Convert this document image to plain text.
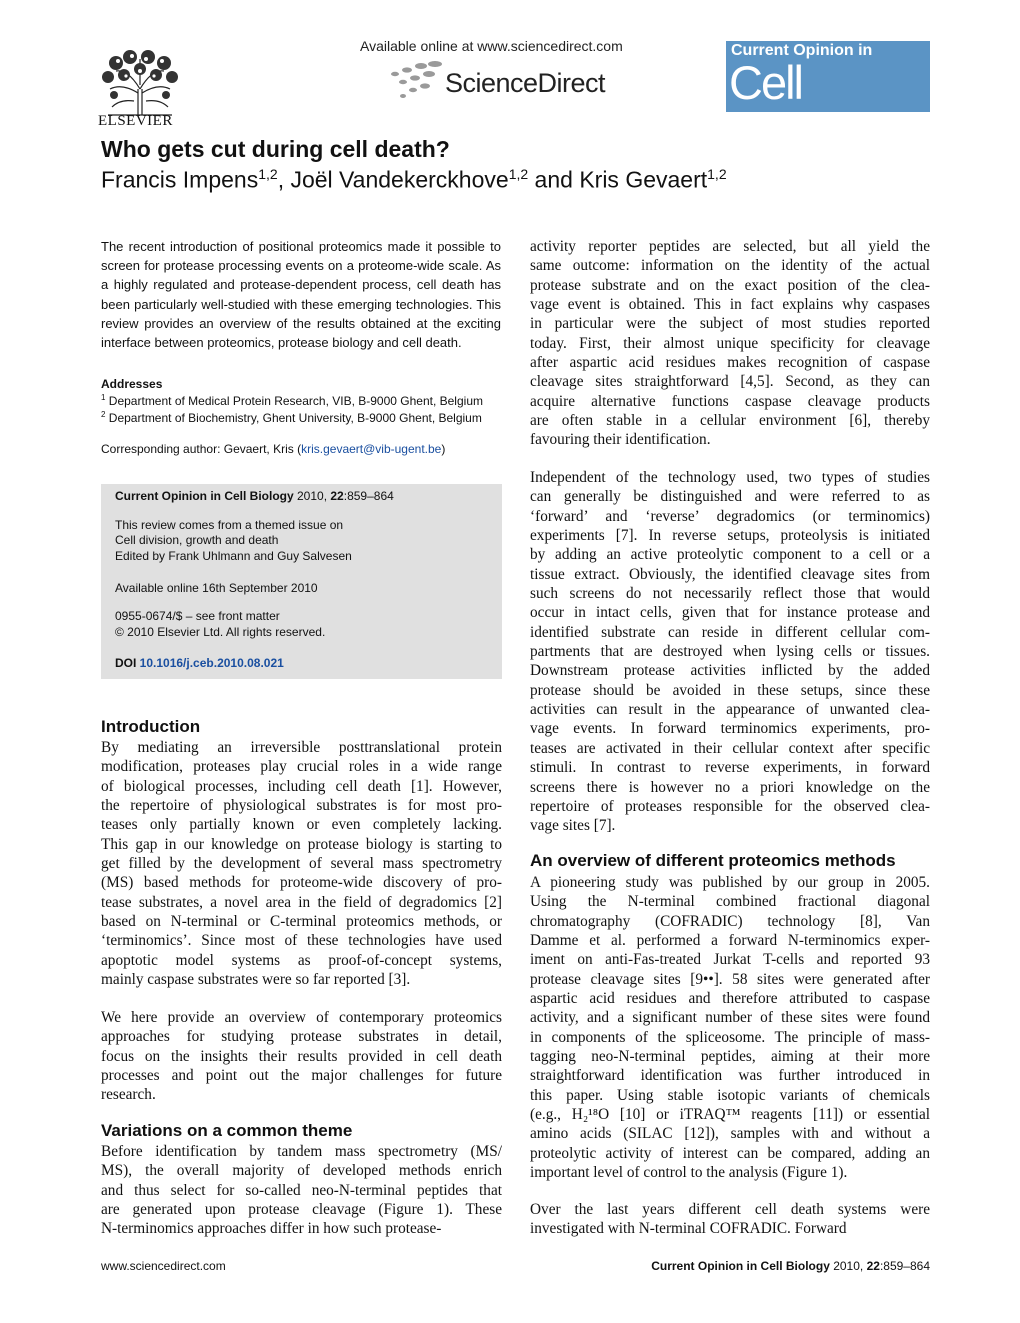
ELSEVIER
Available online at www.sciencedirect.com
ScienceDirect
Current Opinion in
Cell Biology
Who gets cut during cell death?
Francis Impens$^{1,2}$, Joël Vandekerckhove$^{1,2}$ and Kris Gevaert$^{1,2}$
The recent introduction of positional proteomics made it possible to screen for protease processing events on a proteome-wide scale. As a highly regulated and protease-dependent process, cell death has been particularly well-studied with these emerging technologies. This review provides an overview of the results obtained at the exciting interface between proteomics, protease biology and cell death.
Addresses
$^1$ Department of Medical Protein Research, VIB, B-9000 Ghent, Belgium
$^2$ Department of Biochemistry, Ghent University, B-9000 Ghent, Belgium
Corresponding author: Gevaert, Kris (kris.gevaert@vib-ugent.be)
Current Opinion in Cell Biology 2010, 22:859–864
This review comes from a themed issue on
Cell division, growth and death
Edited by Frank Uhlmann and Guy Salvesen
Available online 16th September 2010
0955-0674/$ – see front matter
© 2010 Elsevier Ltd. All rights reserved.
DOI 10.1016/j.ceb.2010.08.021
Introduction
By mediating an irreversible posttranslational protein
modification, proteases play crucial roles in a wide range
of biological processes, including cell death [1]. However,
the repertoire of physiological substrates is for most pro-
teases only partially known or even completely lacking.
This gap in our knowledge on protease biology is starting to
get filled by the development of several mass spectrometry
(MS) based methods for proteome-wide discovery of pro-
tease substrates, a novel area in the field of degradomics [2]
based on N-terminal or C-terminal proteomics methods, or
‘terminomics’. Since most of these technologies have used
apoptotic model systems as proof-of-concept systems,
mainly caspase substrates were so far reported [3].
We here provide an overview of contemporary proteomics
approaches for studying protease substrates in detail,
focus on the insights their results provided in cell death
processes and point out the major challenges for future
research.
Variations on a common theme
Before identification by tandem mass spectrometry (MS/
MS), the overall majority of developed methods enrich
and thus select for so-called neo-N-terminal peptides that
are generated upon protease cleavage (Figure 1). These
N-terminomics approaches differ in how such protease-
activity reporter peptides are selected, but all yield the
same outcome: information on the identity of the actual
protease substrate and on the exact position of the clea-
vage event is obtained. This in fact explains why caspases
in particular were the subject of most studies reported
today. First, their almost unique specificity for cleavage
after aspartic acid residues makes recognition of caspase
cleavage sites straightforward [4,5]. Second, as they can
acquire alternative functions caspase cleavage products
are often stable in a cellular environment [6], thereby
favouring their identification.
Independent of the technology used, two types of studies
can generally be distinguished and were referred to as
‘forward’ and ‘reverse’ degradomics (or terminomics)
experiments [7]. In reverse setups, proteolysis is initiated
by adding an active proteolytic component to a cell or a
tissue extract. Obviously, the identified cleavage sites from
such screens do not necessarily reflect those that would
occur in intact cells, given that for instance protease and
identified substrate can reside in different cellular com-
partments that are destroyed when lysing cells or tissues.
Downstream protease activities inflicted by the added
protease should be avoided in these setups, since these
activities can result in the appearance of unwanted clea-
vage events. In forward terminomics experiments, pro-
teases are activated in their cellular context after specific
stimuli. In contrast to reverse experiments, in forward
screens there is however no a priori knowledge on the
repertoire of proteases responsible for the observed clea-
vage sites [7].
An overview of different proteomics methods
A pioneering study was published by our group in 2005.
Using the N-terminal combined fractional diagonal
chromatography (COFRADIC) technology [8], Van
Damme et al. performed a forward N-terminomics exper-
iment on anti-Fas-treated Jurkat T-cells and reported 93
protease cleavage sites [9••]. 58 sites were generated after
aspartic acid residues and therefore attributed to caspase
activity, and a significant number of these sites were found
in components of the spliceosome. The principle of mass-
tagging neo-N-terminal peptides, aiming at their more
straightforward identification was further introduced in
this paper. Using stable isotopic variants of chemicals
(e.g., H₂¹⁸O [10] or iTRAQ™ reagents [11]) or essential
amino acids (SILAC [12]), samples with and without a
proteolytic activity of interest can be compared, adding an
important level of control to the analysis (Figure 1).
Over the last years different cell death systems were
investigated with N-terminal COFRADIC. Forward
www.sciencedirect.com	Current Opinion in Cell Biology 2010, 22:859–864
